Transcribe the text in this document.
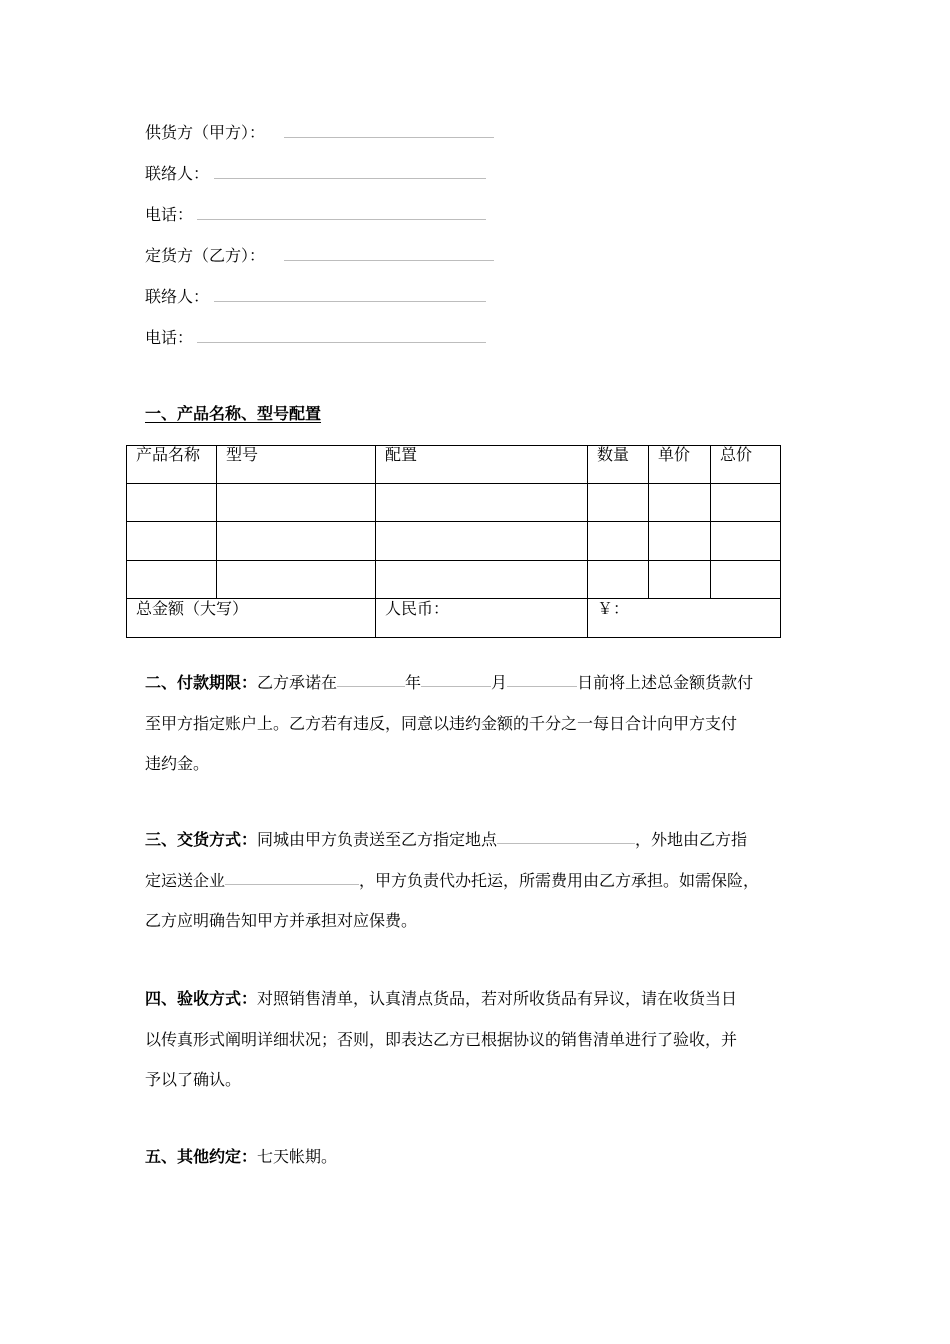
供货方（甲方）：
联络人：
电话：
定货方（乙方）：
联络人：
电话：
一、产品名称、型号配置
产品名称 型号	配置	数量 单价 总价
总金额（大写）	人民币：	￥：
二、付款期限：乙方承诺在	年	月	日前将上述总金额货款付
至甲方指定账户上。乙方若有违反，同意以违约金额的千分之一每日合计向甲方支付
违约金。
三、交货方式：同城由甲方负责送至乙方指定地点	，外地由乙方指
定运送企业	，甲方负责代办托运，所需费用由乙方承担。如需保险，
乙方应明确告知甲方并承担对应保费。
四、验收方式：对照销售清单，认真清点货品，若对所收货品有异议，请在收货当日
以传真形式阐明详细状况；否则，即表达乙方已根据协议的销售清单进行了验收，并
予以了确认。
五、其他约定：七天帐期。
